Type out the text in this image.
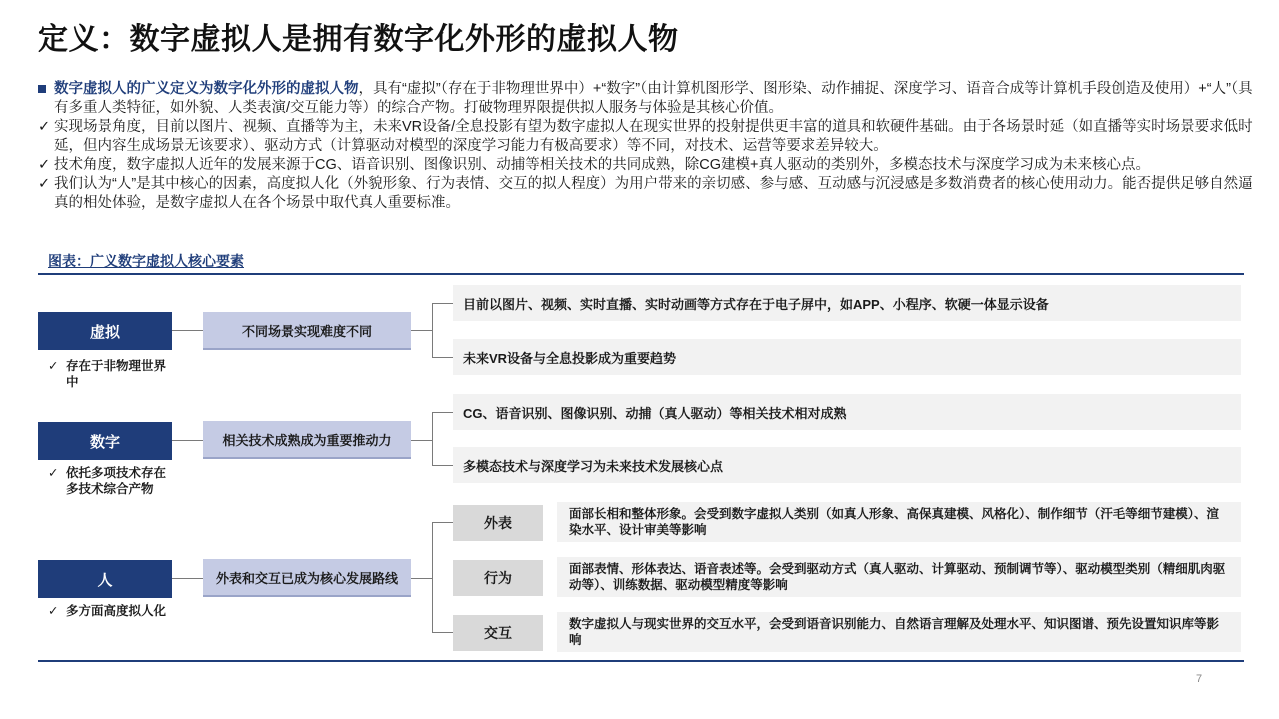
定义：数字虚拟人是拥有数字化外形的虚拟人物
数字虚拟人的广义定义为数字化外形的虚拟人物，具有“虚拟”（存在于非物理世界中）+“数字”（由计算机图形学、图形染、动作捕捉、深度学习、语音合成等计算机手段创造及使用）+“人”（具有多重人类特征，如外貌、人类表演/交互能力等）的综合产物。打破物理界限提供拟人服务与体验是其核心价值。
✓ 实现场景角度，目前以图片、视频、直播等为主，未来VR设备/全息投影有望为数字虚拟人在现实世界的投射提供更丰富的道具和软硬件基础。由于各场景时延（如直播等实时场景要求低时延，但内容生成场景无该要求）、驱动方式（计算驱动对模型的深度学习能力有极高要求）等不同，对技术、运营等要求差异较大。
✓ 技术角度，数字虚拟人近年的发展来源于CG、语音识别、图像识别、动捕等相关技术的共同成熟，除CG建模+真人驱动的类别外，多模态技术与深度学习成为未来核心点。
✓ 我们认为“人”是其中核心的因素，高度拟人化（外貌形象、行为表情、交互的拟人程度）为用户带来的亲切感、参与感、互动感与沉浸感是多数消费者的核心使用动力。能否提供足够自然逼真的相处体验，是数字虚拟人在各个场景中取代真人重要标准。
图表：广义数字虚拟人核心要素
虚拟
✓ 存在于非物理世界中
不同场景实现难度不同
目前以图片、视频、实时直播、实时动画等方式存在于电子屏中，如APP、小程序、软硬一体显示设备
未来VR设备与全息投影成为重要趋势
数字
✓ 依托多项技术存在多技术综合产物
相关技术成熟成为重要推动力
CG、语音识别、图像识别、动捕（真人驱动）等相关技术相对成熟
多模态技术与深度学习为未来技术发展核心点
人
✓ 多方面高度拟人化
外表和交互已成为核心发展路线
外表
面部长相和整体形象。会受到数字虚拟人类别（如真人形象、高保真建模、风格化）、制作细节（汗毛等细节建模）、渲染水平、设计审美等影响
行为
面部表情、形体表达、语音表述等。会受到驱动方式（真人驱动、计算驱动、预制调节等）、驱动模型类别（精细肌肉驱动等）、训练数据、驱动模型精度等影响
交互
数字虚拟人与现实世界的交互水平，会受到语音识别能力、自然语言理解及处理水平、知识图谱、预先设置知识库等影响
7
